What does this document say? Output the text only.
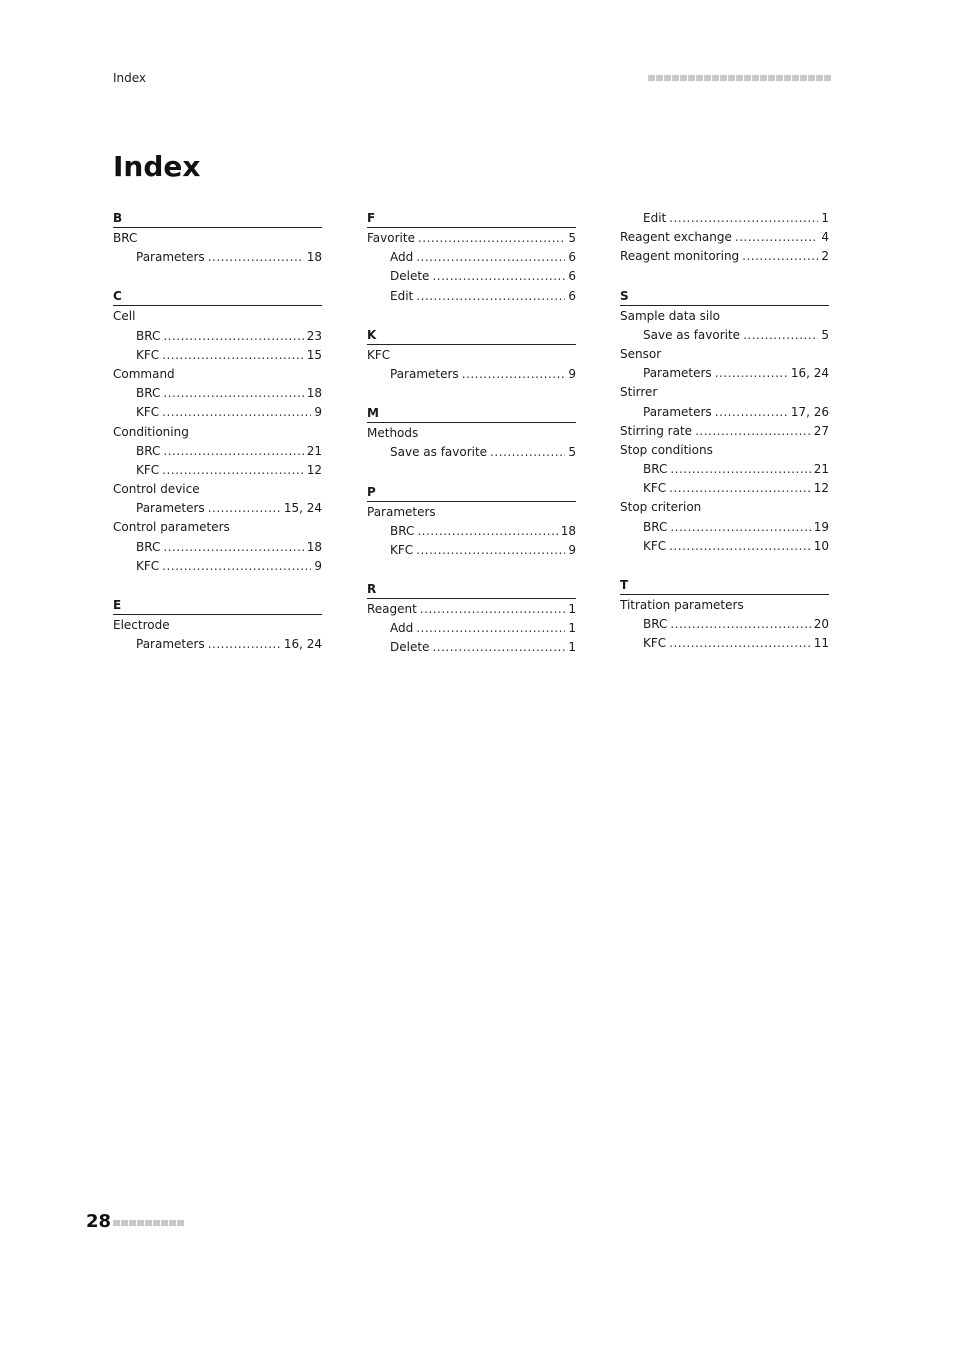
Index
Index
B
BRC
Parameters .....	18
C
Cell
BRC .....	23
KFC .....	15
Command
BRC .....	18
KFC .....	9
Conditioning
BRC .....	21
KFC .....	12
Control device
Parameters .....	15, 24
Control parameters
BRC .....	18
KFC .....	9
E
Electrode
Parameters .....	16, 24
F
Favorite .....	5
Add .....	6
Delete .....	6
Edit .....	6
K
KFC
Parameters .....	9
M
Methods
Save as favorite .....	5
P
Parameters
BRC .....	18
KFC .....	9
R
Reagent .....	1
Add .....	1
Delete .....	1
Edit .....	1
Reagent exchange .....	4
Reagent monitoring .....	2
S
Sample data silo
Save as favorite .....	5
Sensor
Parameters .....	16, 24
Stirrer
Parameters .....	17, 26
Stirring rate .....	27
Stop conditions
BRC .....	21
KFC .....	12
Stop criterion
BRC .....	19
KFC .....	10
T
Titration parameters
BRC .....	20
KFC .....	11
28
